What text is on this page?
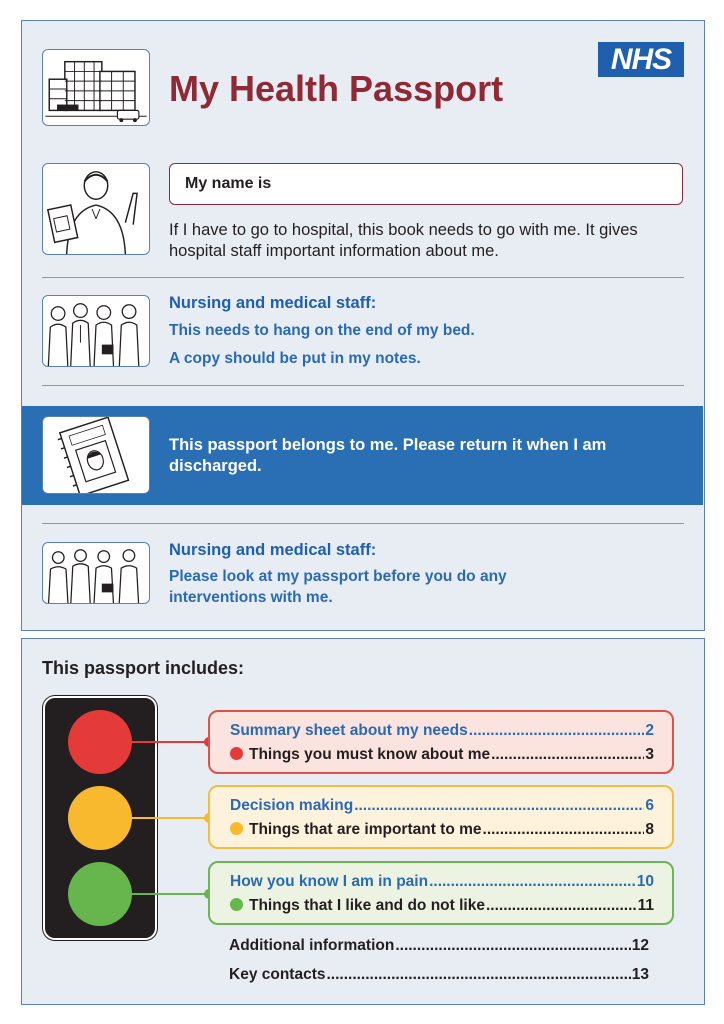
My Health Passport
NHS
My name is
If I have to go to hospital, this book needs to go with me. It gives hospital staff important information about me.
Nursing and medical staff:
This needs to hang on the end of my bed.
A copy should be put in my notes.
This passport belongs to me. Please return it when I am discharged.
Nursing and medical staff:
Please look at my passport before you do any interventions with me.
This passport includes:
Summary sheet about my needs .....	2
Things you must know about me .....	3
Decision making .....	6
Things that are important to me .....	8
How you know I am in pain .....	10
Things that I like and do not like .....	11
Additional information .....	12
Key contacts .....	13
